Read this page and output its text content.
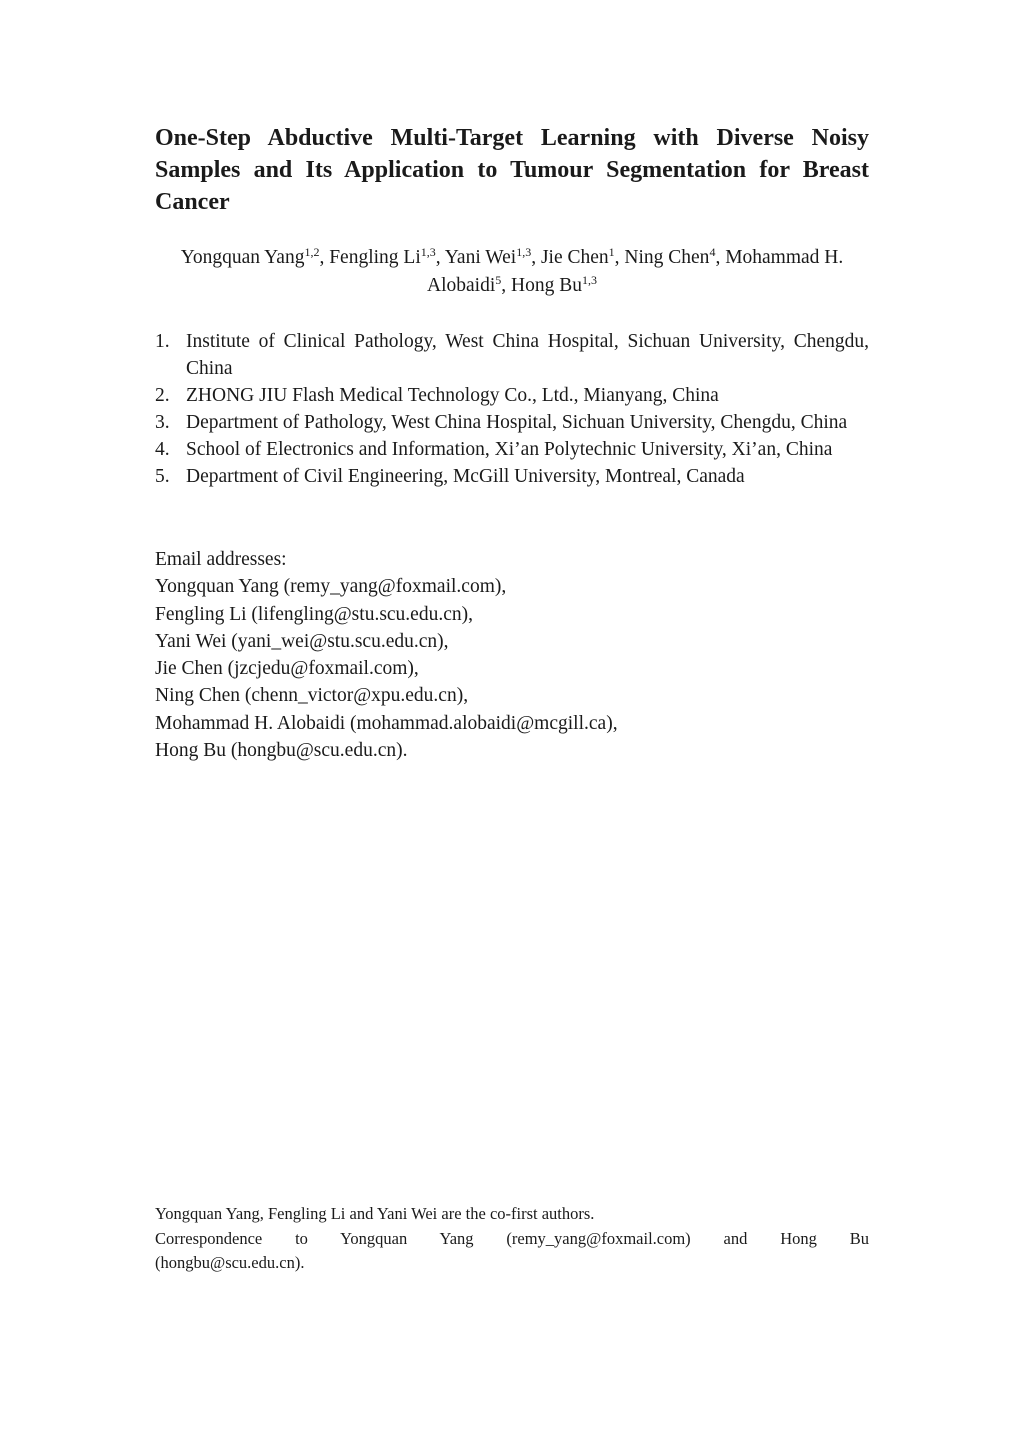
One-Step Abductive Multi-Target Learning with Diverse Noisy Samples and Its Application to Tumour Segmentation for Breast Cancer

Yongquan Yang$^{1,2}$, Fengling Li$^{1,3}$, Yani Wei$^{1,3}$, Jie Chen$^1$, Ning Chen$^4$, Mohammad H. Alobaidi$^5$, Hong Bu$^{1,3}$

1. Institute of Clinical Pathology, West China Hospital, Sichuan University, Chengdu, China
2. ZHONG JIU Flash Medical Technology Co., Ltd., Mianyang, China
3. Department of Pathology, West China Hospital, Sichuan University, Chengdu, China
4. School of Electronics and Information, Xi’an Polytechnic University, Xi’an, China
5. Department of Civil Engineering, McGill University, Montreal, Canada
Email addresses:
Yongquan Yang (remy_yang@foxmail.com),
Fengling Li (lifengling@stu.scu.edu.cn),
Yani Wei (yani_wei@stu.scu.edu.cn),
Jie Chen (jzcjedu@foxmail.com),
Ning Chen (chenn_victor@xpu.edu.cn),
Mohammad H. Alobaidi (mohammad.alobaidi@mcgill.ca),
Hong Bu (hongbu@scu.edu.cn).
Yongquan Yang, Fengling Li and Yani Wei are the co-first authors.
Correspondence to Yongquan Yang (remy_yang@foxmail.com) and Hong Bu
(hongbu@scu.edu.cn).
